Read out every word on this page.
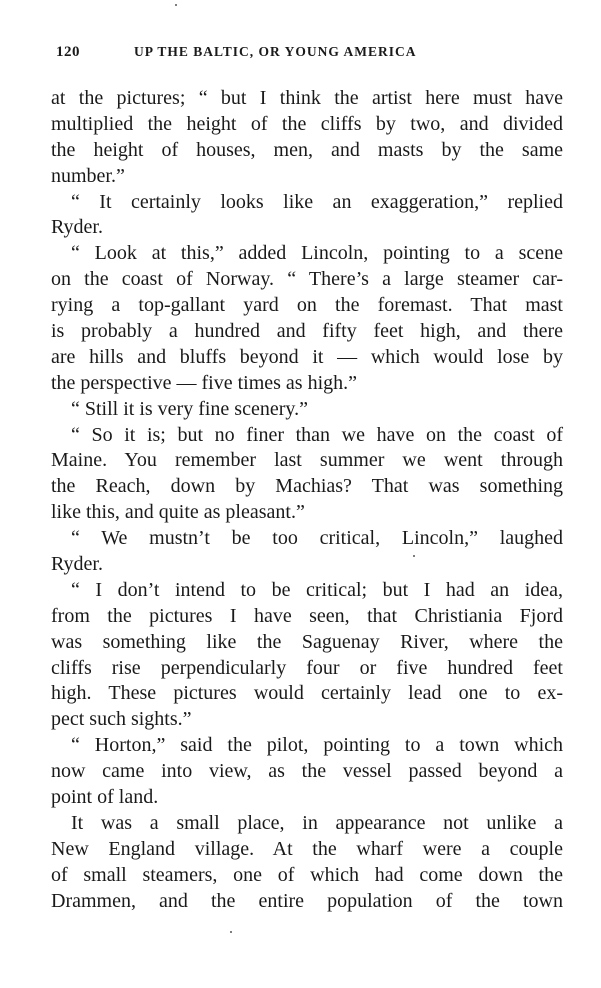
120	UP THE BALTIC, OR YOUNG AMERICA
at the pictures; “ but I think the artist here must have
multiplied the height of the cliffs by two, and divided
the height of houses, men, and masts by the same
number.”
“ It certainly looks like an exaggeration,” replied
Ryder.
“ Look at this,” added Lincoln, pointing to a scene
on the coast of Norway. “ There’s a large steamer car-
rying a top-gallant yard on the foremast. That mast
is probably a hundred and fifty feet high, and there
are hills and bluffs beyond it — which would lose by
the perspective — five times as high.”
“ Still it is very fine scenery.”
“ So it is; but no finer than we have on the coast of
Maine. You remember last summer we went through
the Reach, down by Machias? That was something
like this, and quite as pleasant.”
“ We mustn’t be too critical, Lincoln,” laughed
Ryder.
“ I don’t intend to be critical; but I had an idea,
from the pictures I have seen, that Christiania Fjord
was something like the Saguenay River, where the
cliffs rise perpendicularly four or five hundred feet
high. These pictures would certainly lead one to ex-
pect such sights.”
“ Horton,” said the pilot, pointing to a town which
now came into view, as the vessel passed beyond a
point of land.
It was a small place, in appearance not unlike a
New England village. At the wharf were a couple
of small steamers, one of which had come down the
Drammen, and the entire population of the town
